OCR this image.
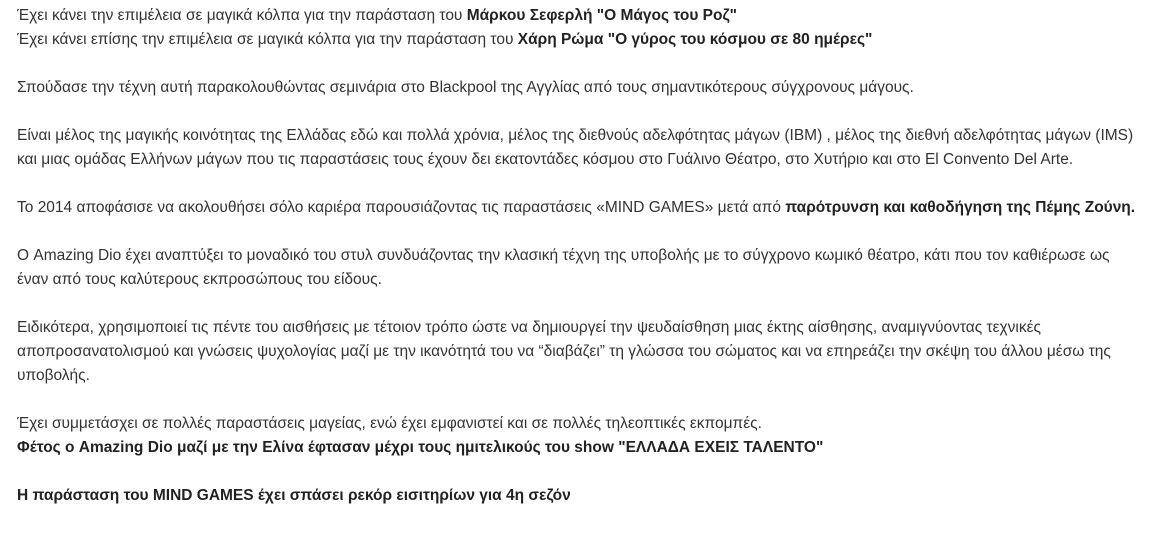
Έχει κάνει την επιμέλεια σε μαγικά κόλπα για την παράσταση του Μάρκου Σεφερλή "Ο Μάγος του Ροζ"
Έχει κάνει επίσης την επιμέλεια σε μαγικά κόλπα για την παράσταση του Χάρη Ρώμα "Ο γύρος του κόσμου σε 80 ημέρες"

Σπούδασε την τέχνη αυτή παρακολουθώντας σεμινάρια στο Blackpool της Αγγλίας από τους σημαντικότερους σύγχρονους μάγους.

Είναι μέλος της μαγικής κοινότητας της Ελλάδας εδώ και πολλά χρόνια, μέλος της διεθνούς αδελφότητας μάγων (IBM) , μέλος της διεθνή αδελφότητας μάγων (IMS) και μιας ομάδας Ελλήνων μάγων που τις παραστάσεις τους έχουν δει εκατοντάδες κόσμου στο Γυάλινο Θέατρο, στο Χυτήριο και στο El Convento Del Arte.

Το 2014 αποφάσισε να ακολουθήσει σόλο καριέρα παρουσιάζοντας τις παραστάσεις «MIND GAMES» μετά από παρότρυνση και καθοδήγηση της Πέμης Ζούνη.

Ο Amazing Dio έχει αναπτύξει το μοναδικό του στυλ συνδυάζοντας την κλασική τέχνη της υποβολής με το σύγχρονο κωμικό θέατρο, κάτι που τον καθιέρωσε ως έναν από τους καλύτερους εκπροσώπους του είδους.

Ειδικότερα, χρησιμοποιεί τις πέντε του αισθήσεις με τέτοιον τρόπο ώστε να δημιουργεί την ψευδαίσθηση μιας έκτης αίσθησης, αναμιγνύοντας τεχνικές αποπροσανατολισμού και γνώσεις ψυχολογίας μαζί με την ικανότητά του να “διαβάζει” τη γλώσσα του σώματος και να επηρεάζει την σκέψη του άλλου μέσω της υποβολής.

Έχει συμμετάσχει σε πολλές παραστάσεις μαγείας, ενώ έχει εμφανιστεί και σε πολλές τηλεοπτικές εκπομπές.
Φέτος ο Amazing Dio μαζί με την Ελίνα έφτασαν μέχρι τους ημιτελικούς του show "ΕΛΛΑΔΑ ΕΧΕΙΣ ΤΑΛΕΝΤΟ"

Η παράσταση του MIND GAMES έχει σπάσει ρεκόρ εισιτηρίων για 4η σεζόν
